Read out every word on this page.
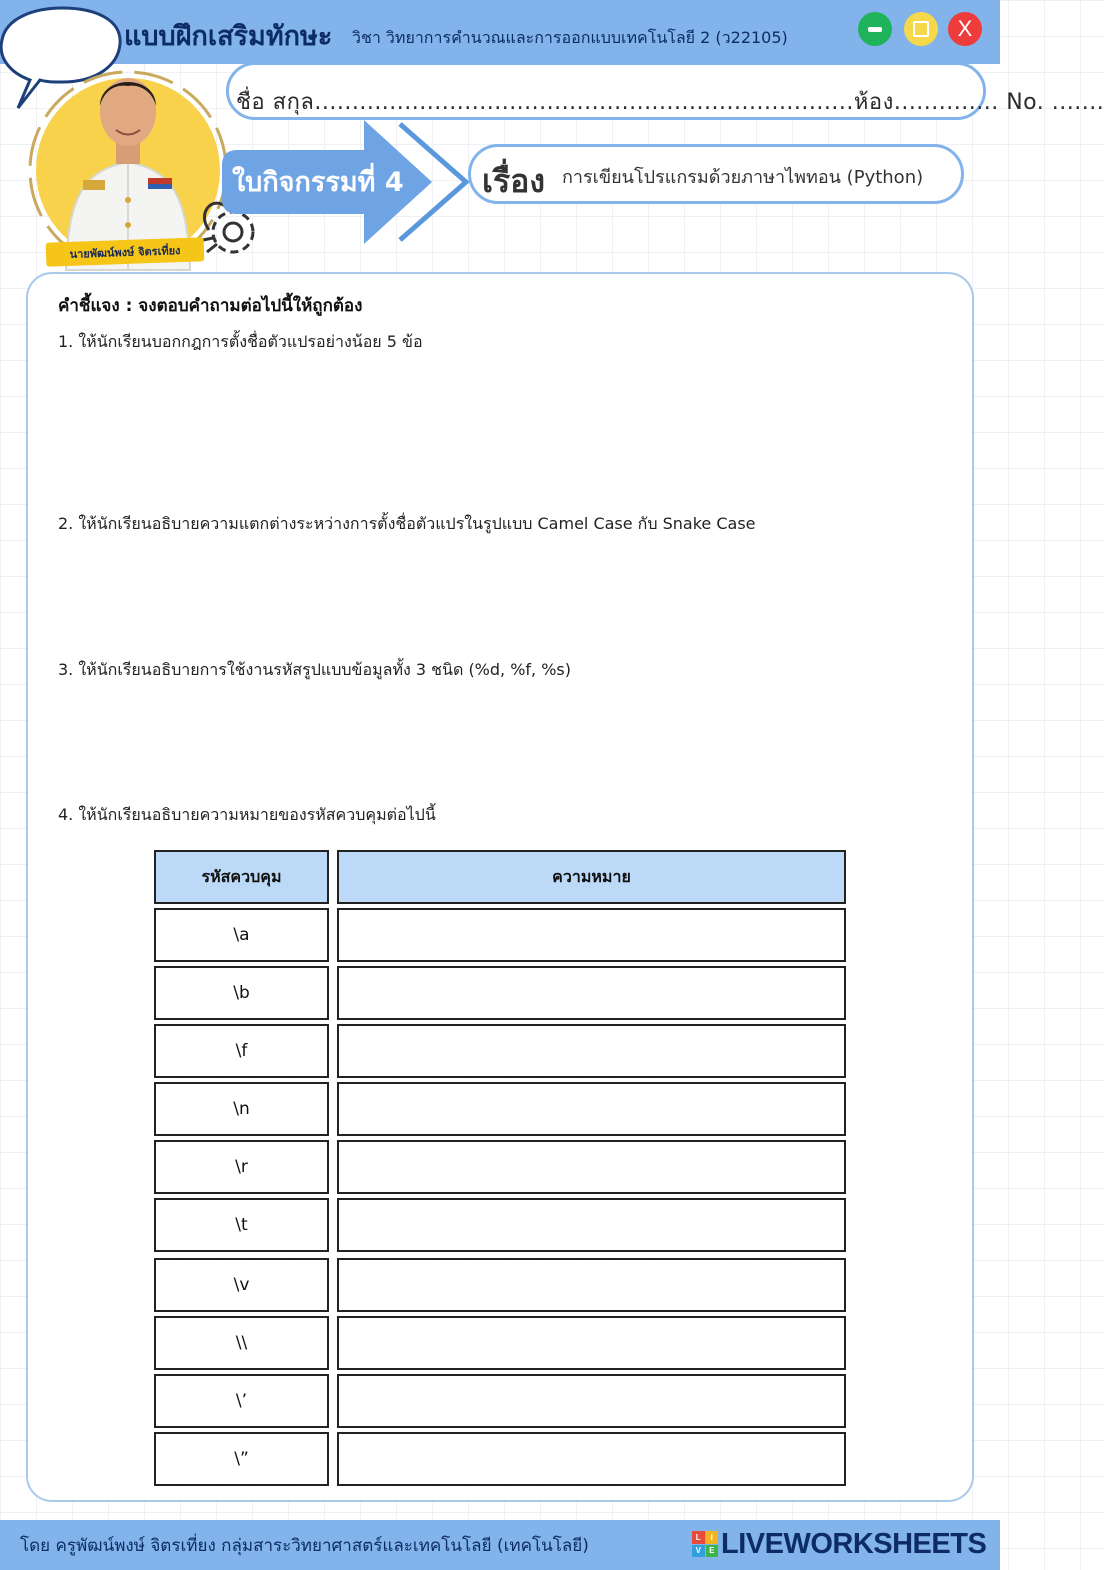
แบบฝึกเสริมทักษะ วิชา วิทยาการคำนวณและการออกแบบเทคโนโลยี 2 (ว22105)	X
นายพัฒน์พงษ์ จิตรเที่ยง
ชื่อ สกุล........................................................................ห้อง.............. No. .......
ใบกิจกรรมที่ 4 เรื่อง การเขียนโปรแกรมด้วยภาษาไพทอน (Python)
คำชี้แจง : จงตอบคำถามต่อไปนี้ให้ถูกต้อง
1. ให้นักเรียนบอกกฎการตั้งชื่อตัวแปรอย่างน้อย 5 ข้อ
2. ให้นักเรียนอธิบายความแตกต่างระหว่างการตั้งชื่อตัวแปรในรูปแบบ Camel Case กับ Snake Case
3. ให้นักเรียนอธิบายการใช้งานรหัสรูปแบบข้อมูลทั้ง 3 ชนิด (%d, %f, %s)
4. ให้นักเรียนอธิบายความหมายของรหัสควบคุมต่อไปนี้
รหัสควบคุม	ความหมาย
\a
\b
\f
\n
\r
\t
\v
\\
\’
\”
โดย ครูพัฒน์พงษ์ จิตรเที่ยง กลุ่มสาระวิทยาศาสตร์และเทคโนโลยี (เทคโนโลยี)	L	I
V	E LIVEWORKSHEETS
